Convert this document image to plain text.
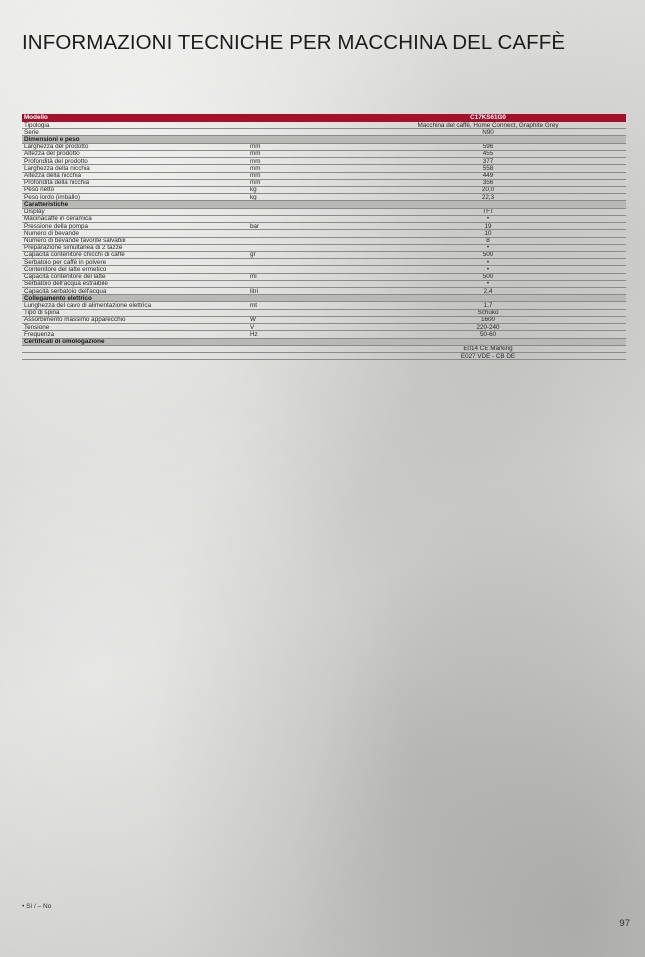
INFORMAZIONI TECNICHE PER MACCHINA DEL CAFFÈ
Modello	C17KS61G0
Tipologia	Macchina del caffè, Home Connect, Graphite Grey
Serie	N90
Dimensioni e peso
Larghezza del prodotto	mm	596
Altezza del prodotto	mm	455
Profondità del prodotto	mm	377
Larghezza della nicchia	mm	558
Altezza della nicchia	mm	449
Profondità della nicchia	mm	356
Peso netto	kg	20,0
Peso lordo (imballo)	kg	22,3
Caratteristiche
Display	TFT
Macinacaffè in ceramica	•
Pressione della pompa	bar	19
Numero di bevande	10
Numero di bevande favorite salvabili	8
Preparazione simultanea di 2 tazze	•
Capacità contenitore chicchi di caffè	gr	500
Serbatoio per caffè in polvere	•
Contenitore del latte ermetico	•
Capacità contenitore del latte	ml	500
Serbatoio dell'acqua estraibile	•
Capacità serbatoio dell'acqua	litri	2,4
Collegamento elettrico
Lunghezza del cavo di alimentazione elettrica	mt	1,7
Tipo di spina	Schuko
Assorbimento massimo apparecchio	W	1600
Tensione	V	220-240
Frequenza	Hz	50-60
Certificati di omologazione
E014 CE Marking
E027 VDE - CB DE
• Sì / – No
97
